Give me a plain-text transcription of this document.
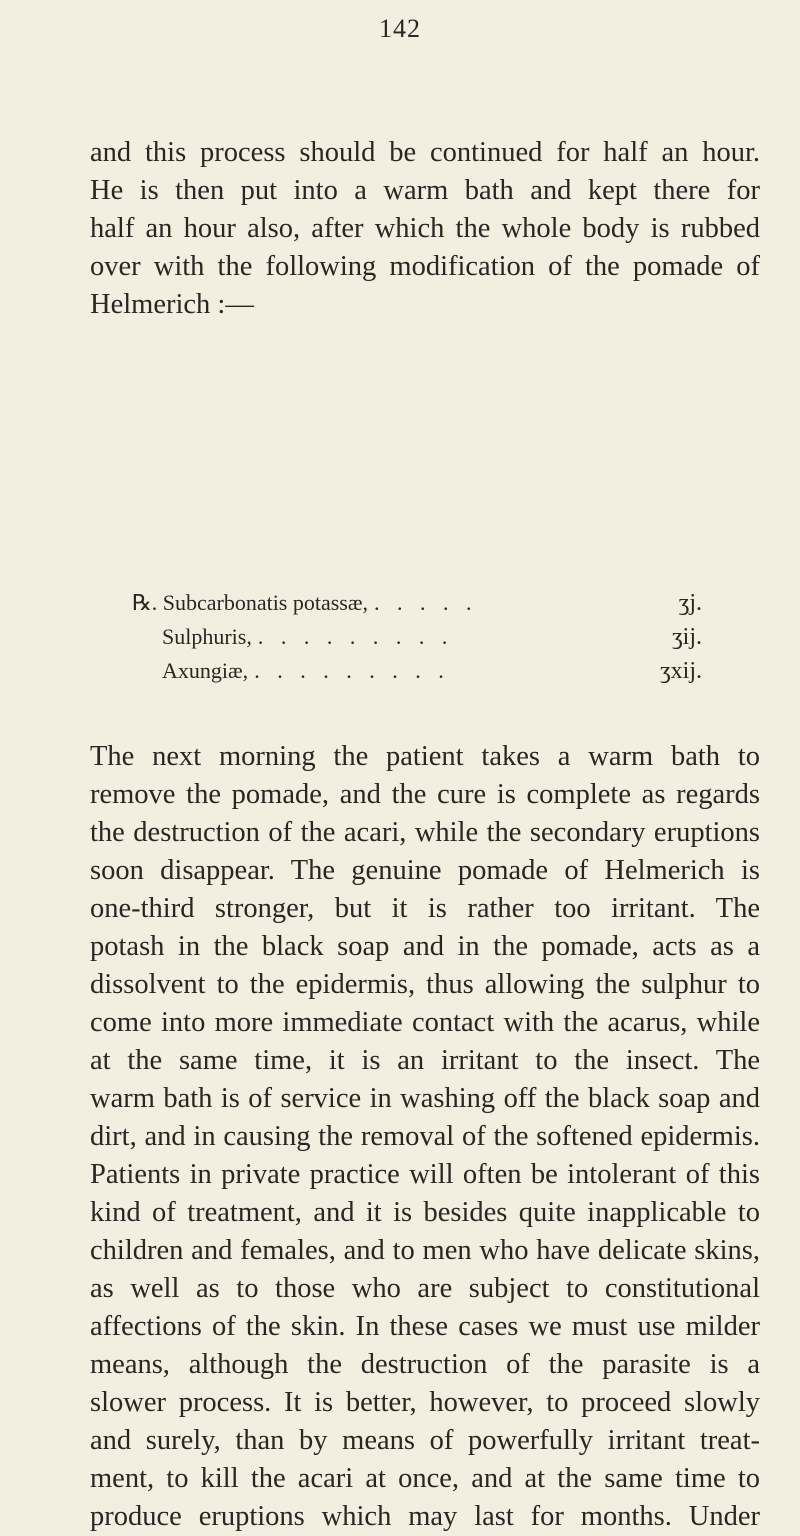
142
and this process should be continued for half an hour.
He is then put into a warm bath and kept there for
half an hour also, after which the whole body is rubbed
over with the following modification of the pomade of
Helmerich :—
℞. Subcarbonatis potassæ, . . . . .	ʒj.
Sulphuris, . . . . . . . . .	ʒij.
Axungiæ, . . . . . . . . .	ʒxij.
The next morning the patient takes a warm bath to
remove the pomade, and the cure is complete as regards
the destruction of the acari, while the secondary eruptions
soon disappear. The genuine pomade of Helmerich is
one-third stronger, but it is rather too irritant. The
potash in the black soap and in the pomade, acts as a
dissolvent to the epidermis, thus allowing the sulphur to
come into more immediate contact with the acarus, while
at the same time, it is an irritant to the insect. The
warm bath is of service in washing off the black soap and
dirt, and in causing the removal of the softened epidermis.
Patients in private practice will often be intolerant of this
kind of treatment, and it is besides quite inapplicable to
children and females, and to men who have delicate skins,
as well as to those who are subject to constitutional
affections of the skin. In these cases we must use milder
means, although the destruction of the parasite is a
slower process. It is better, however, to proceed slowly
and surely, than by means of powerfully irritant treat-
ment, to kill the acari at once, and at the same time to
produce eruptions which may last for months. Under
